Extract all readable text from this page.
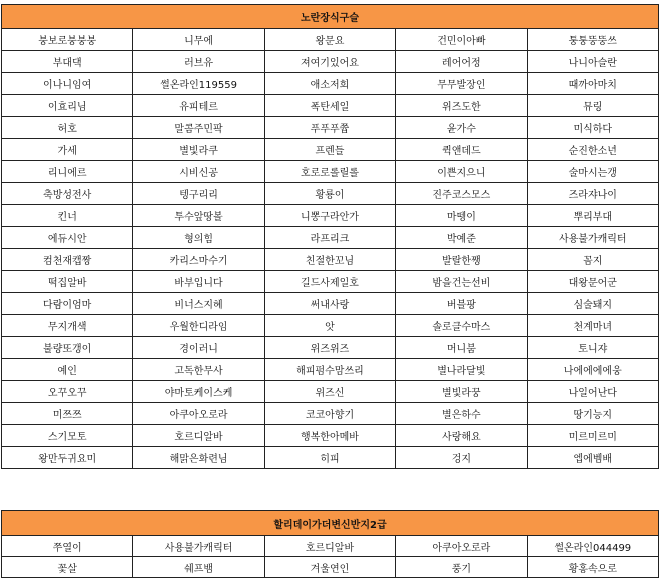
노란장식구슬				
붕보로붕붕붕	니무에	왕문요	건민이아빠	퉁퉁뚱뚱쓰
부대댁	러브유	져여기있어요	레어어정	나니아슬란
이나니임여	썰온라인119559	애소저희	무무발장인	때까아마치
이효리님	유피테르	폭탄세일	위즈도한	뮤링
허호	말콤주민팍	푸푸푸쯉	윤가수	미식하다
가세	별빛라쿠	프렌들	퀵앤데드	순진한소년
리니에르	시비신공	호로로롤릴롤	이쁜지으니	술마시는갱
축방성전사	텡구리리	황룡이	진주코스모스	즈라쟈나이
킨너	투수앞땅볼	니뽕구라안가	마뗑이	뿌리부대
에듀시안	형의힘	라프리크	박예준	사용불가캐릭터
컴천재캡짱	카리스마수기	친절한꼬님	발랄한쨍	꼼지
떡집알바	바부입니다	길드사제일호	밤을건는선비	대왕문어군
다람이엄마	비너스지혜	써내사랑	버블팡	심술돼지
무지개색	우월한디라임	앗	솔로클수마스	천계마녀
불량또갱이	경이러니	위즈위즈	머니붐	토니쟈
예인	고독한무사	해피펌수맘쓰리	별나라달빛	나에에에에웅
오꾸오꾸	야마토케이스케	위즈신	별빛라꿍	나일어난다
미쯔쯔	아쿠아오로라	코코아향기	별은하수	땅기능지
스기모토	호르디알바	행복한아메바	사랑해요	미르미르미
왕만두귀요미	해맑은화련님	히피	겅지	엡에벰배
할리데이가더변신반지2급				
쭈열이	사용불가캐릭터	호르디알바	아쿠아오로라	썰온라인044499
꽃살	쉐프뱀	겨울연인	풍기	황홍속으로
